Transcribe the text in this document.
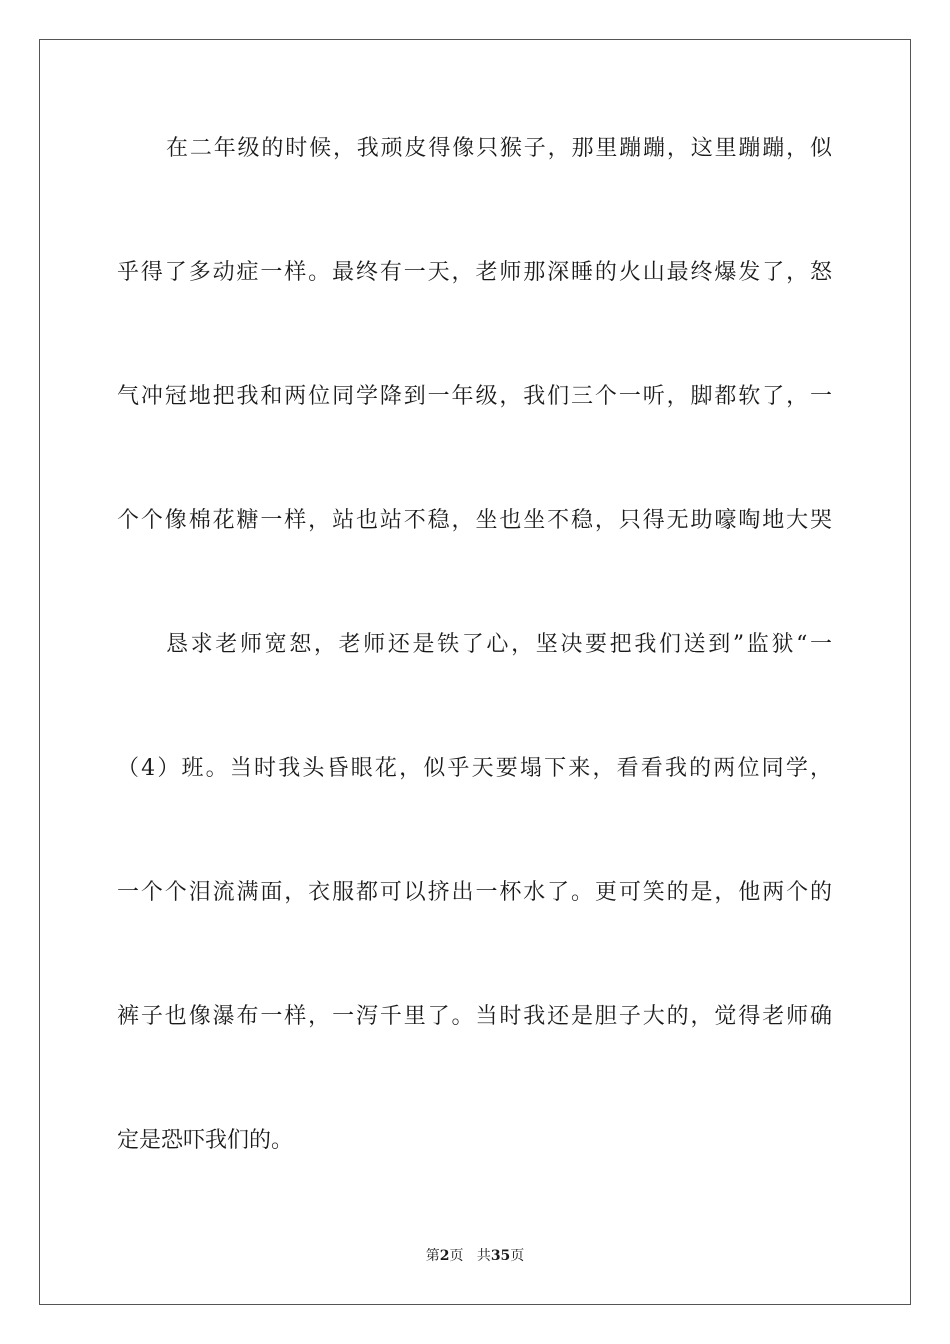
在二年级的时候，我顽皮得像只猴子，那里蹦蹦，这里蹦蹦，似
乎得了多动症一样。最终有一天，老师那深睡的火山最终爆发了，怒
气冲冠地把我和两位同学降到一年级，我们三个一听，脚都软了，一
个个像棉花糖一样，站也站不稳，坐也坐不稳，只得无助嚎啕地大哭
恳求老师宽恕，老师还是铁了心，坚决要把我们送到”监狱“一
（4）班。当时我头昏眼花，似乎天要塌下来，看看我的两位同学，
一个个泪流满面，衣服都可以挤出一杯水了。更可笑的是，他两个的
裤子也像瀑布一样，一泻千里了。当时我还是胆子大的，觉得老师确
定是恐吓我们的。
第2页 共35页
